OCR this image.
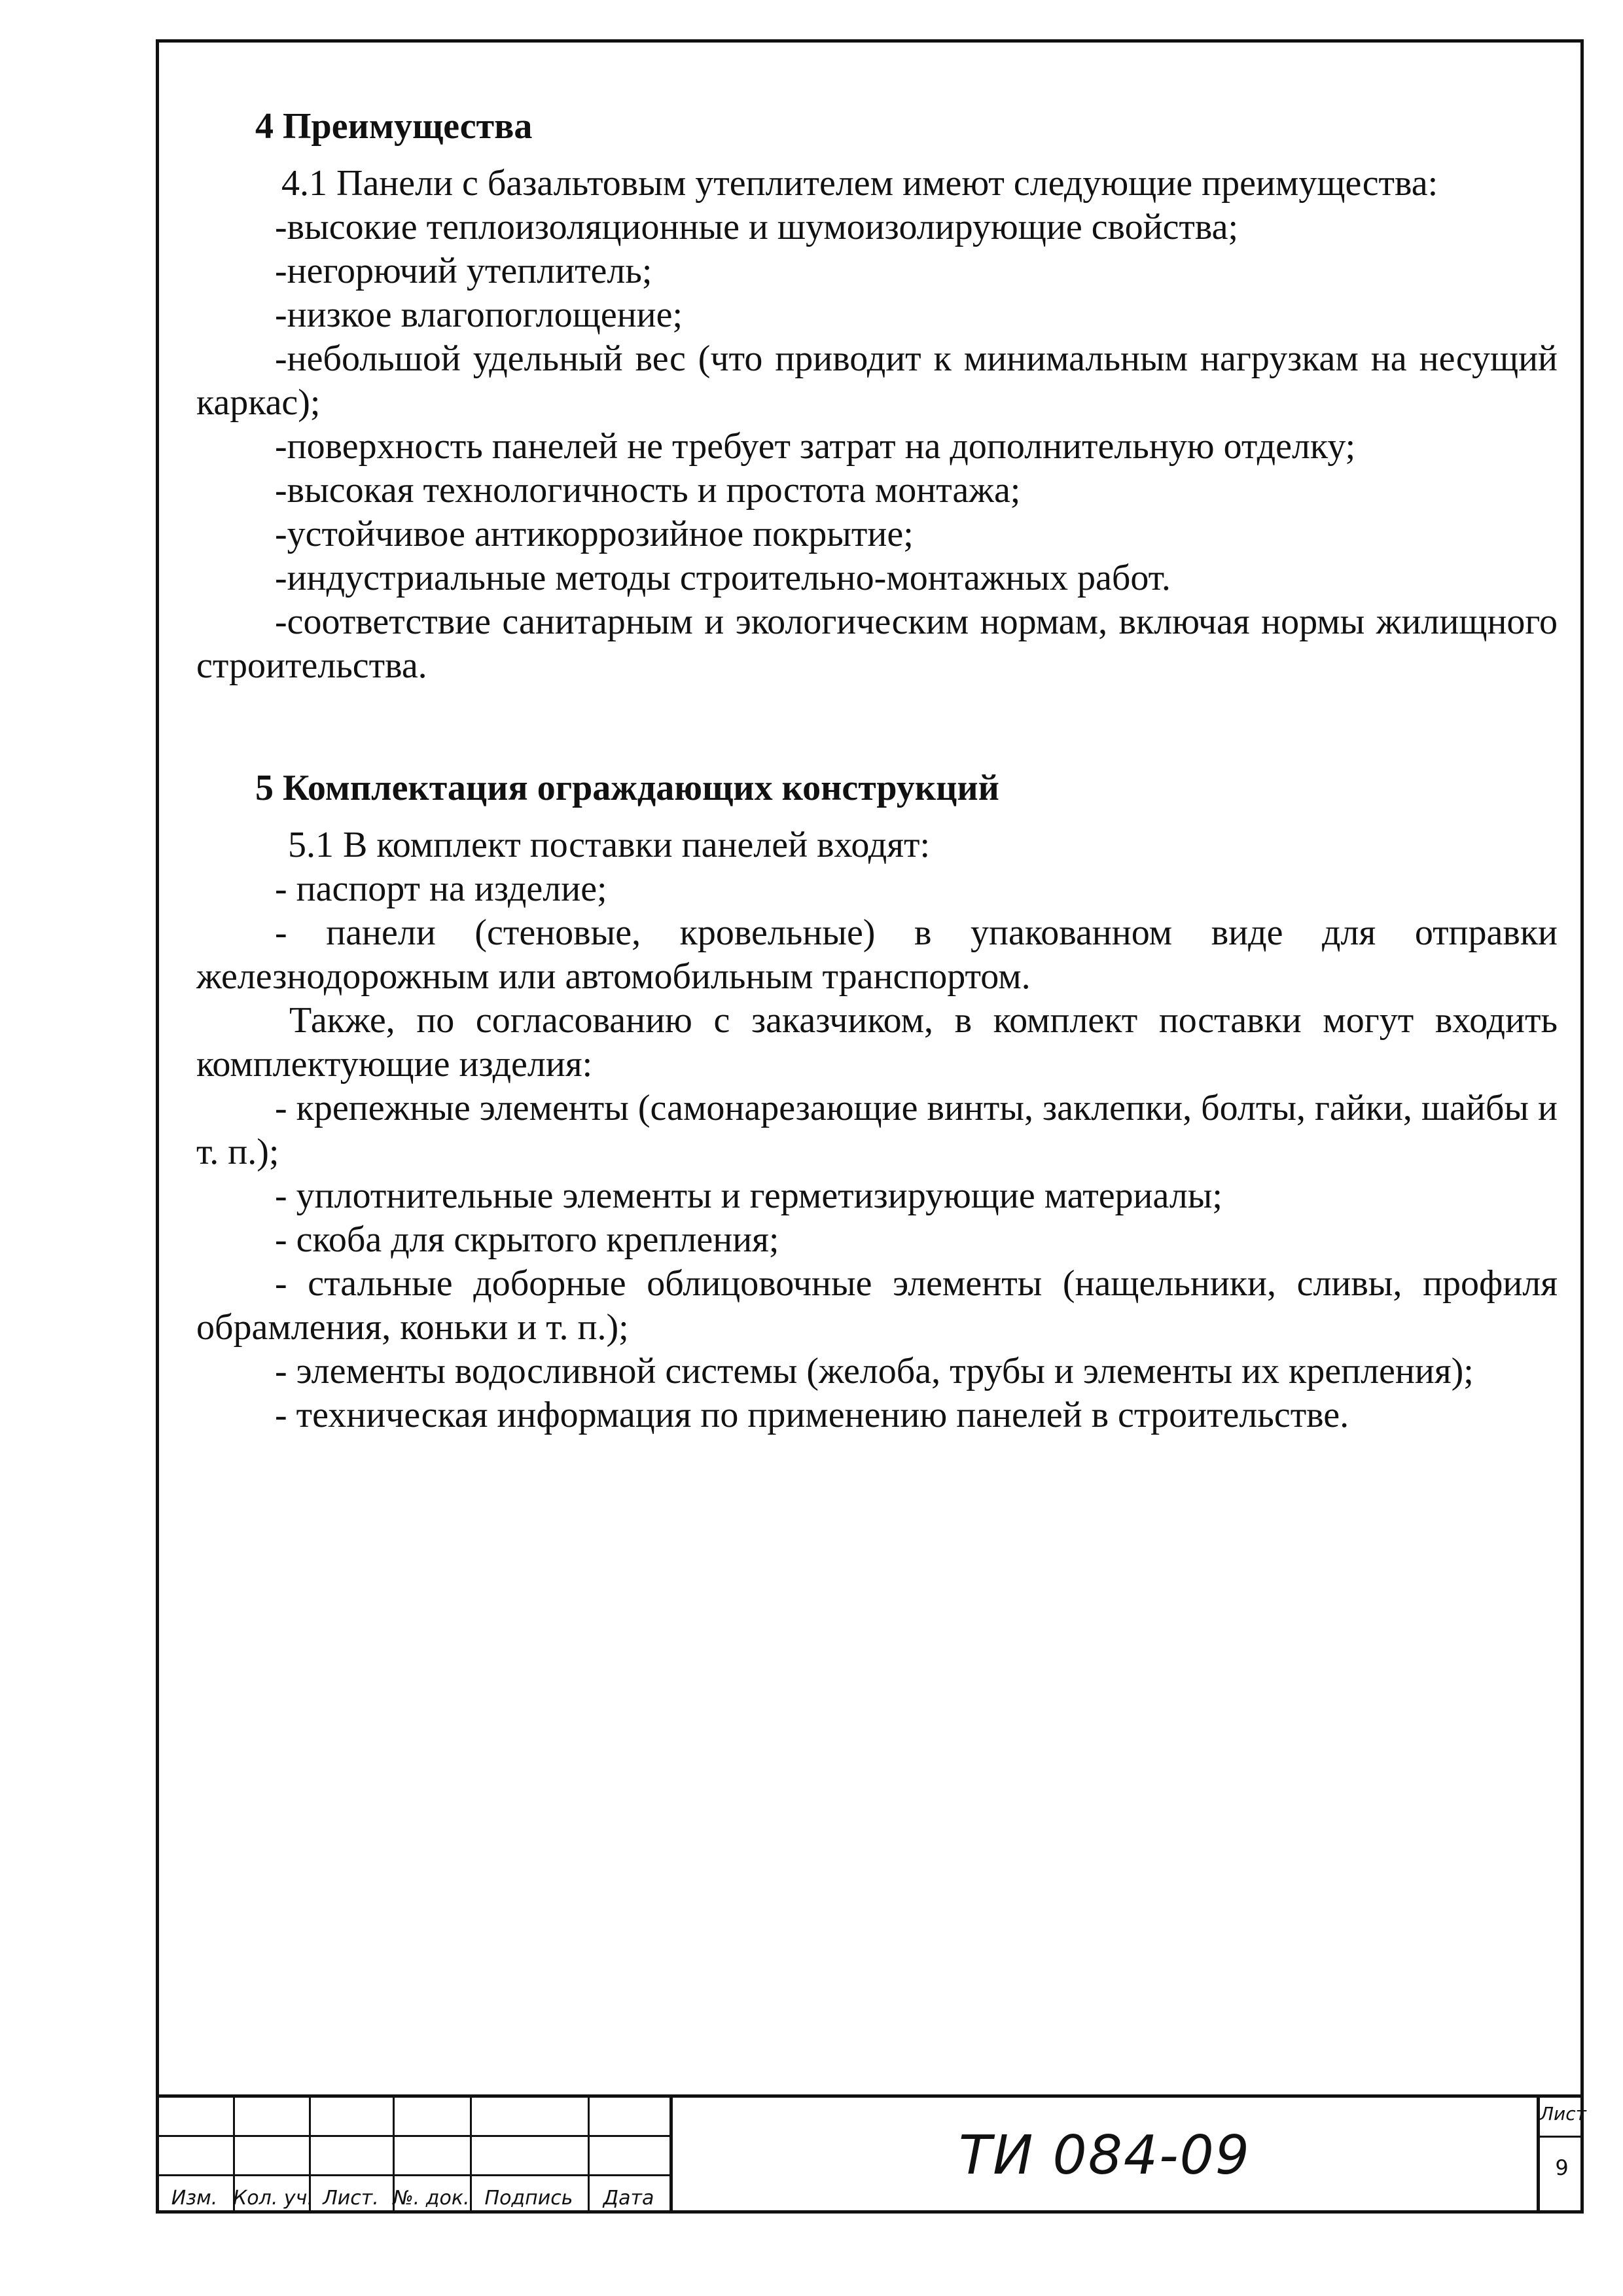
4 Преимущества

4.1 Панели с базальтовым утеплителем имеют следующие преимущества:

-высокие теплоизоляционные и шумоизолирующие свойства;

-негорючий утеплитель;

-низкое влагопоглощение;

-небольшой удельный вес (что приводит к минимальным нагрузкам на несущий каркас);

-поверхность панелей не требует затрат на дополнительную отделку;

-высокая технологичность и простота монтажа;

-устойчивое антикоррозийное покрытие;

-индустриальные методы строительно-монтажных работ.

-соответствие санитарным и экологическим нормам, включая нормы жилищного строительства.

5 Комплектация ограждающих конструкций

5.1 В комплект поставки панелей входят:

- паспорт на изделие;

- панели (стеновые, кровельные) в упакованном виде для отправки железнодорожным или автомобильным транспортом.

Также, по согласованию с заказчиком, в комплект поставки могут входить комплектующие изделия:

- крепежные элементы (самонарезающие винты, заклепки, болты, гайки, шайбы и т. п.);

- уплотнительные элементы и герметизирующие материалы;

- скоба для скрытого крепления;

- стальные доборные облицовочные элементы (нащельники, сливы, профиля обрамления, коньки и т. п.);

- элементы водосливной системы (желоба, трубы и элементы их крепления);

- техническая информация по применению панелей в строительстве.

Изм. Кол. уч. Лист. №. док. Подпись	Дата
ТИ 084-09
Лист
9
